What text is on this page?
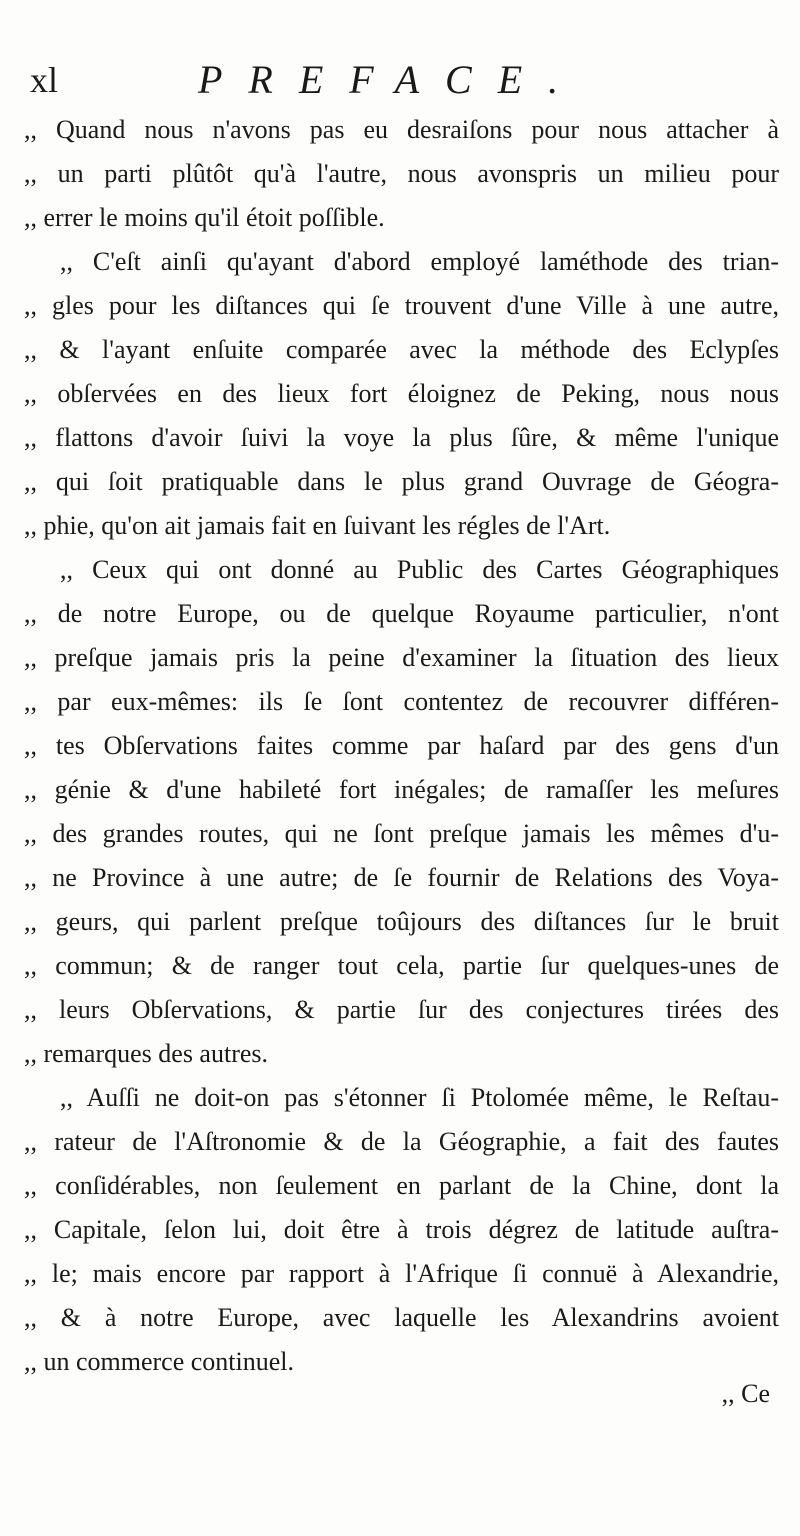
xl	PREFACE.
,, Quand nous n'avons pas eu desraiſons pour nous attacher à
,, un parti plûtôt qu'à l'autre, nous avonspris un milieu pour
,, errer le moins qu'il étoit poſſible.
,, C'eſt ainſi qu'ayant d'abord employé laméthode des trian-
,, gles pour les diſtances qui ſe trouvent d'une Ville à une autre,
,, & l'ayant enſuite comparée avec la méthode des Eclypſes
,, obſervées en des lieux fort éloignez de Peking, nous nous
,, flattons d'avoir ſuivi la voye la plus ſûre, & même l'unique
,, qui ſoit pratiquable dans le plus grand Ouvrage de Géogra-
,, phie, qu'on ait jamais fait en ſuivant les régles de l'Art.
,, Ceux qui ont donné au Public des Cartes Géographiques
,, de notre Europe, ou de quelque Royaume particulier, n'ont
,, preſque jamais pris la peine d'examiner la ſituation des lieux
,, par eux-mêmes: ils ſe ſont contentez de recouvrer différen-
,, tes Obſervations faites comme par haſard par des gens d'un
,, génie & d'une habileté fort inégales; de ramaſſer les meſures
,, des grandes routes, qui ne ſont preſque jamais les mêmes d'u-
,, ne Province à une autre; de ſe fournir de Relations des Voya-
,, geurs, qui parlent preſque toûjours des diſtances ſur le bruit
,, commun; & de ranger tout cela, partie ſur quelques-unes de
,, leurs Obſervations, & partie ſur des conjectures tirées des
,, remarques des autres.
,, Auſſi ne doit-on pas s'étonner ſi Ptolomée même, le Reſtau-
,, rateur de l'Aſtronomie & de la Géographie, a fait des fautes
,, conſidérables, non ſeulement en parlant de la Chine, dont la
,, Capitale, ſelon lui, doit être à trois dégrez de latitude auſtra-
,, le; mais encore par rapport à l'Afrique ſi connuë à Alexandrie,
,, & à notre Europe, avec laquelle les Alexandrins avoient
,, un commerce continuel.
,, Ce
